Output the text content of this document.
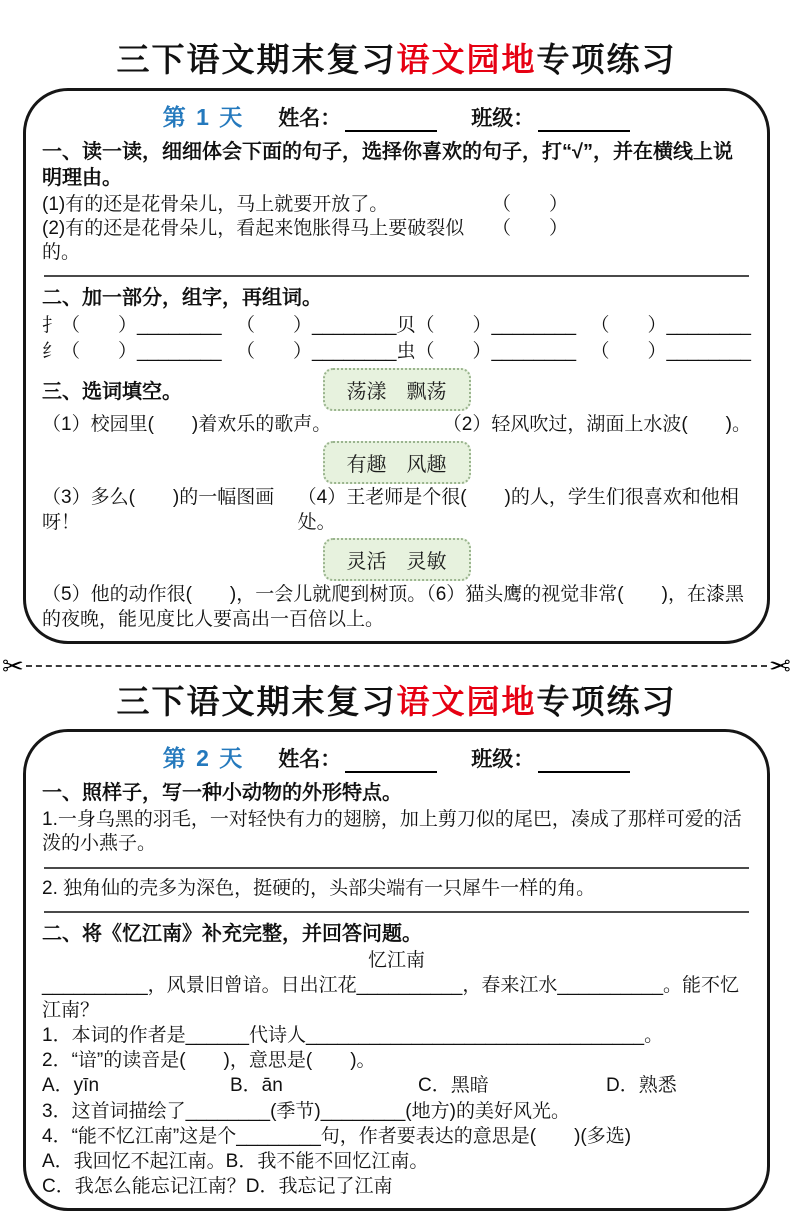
三下语文期末复习语文园地专项练习
第 1 天 姓名：	班级：

一、读一读，细细体会下面的句子，选择你喜欢的句子，打“√”，并在横线上说明理由。

(1)有的还是花骨朵儿，马上就要开放了。	（　　）
(2)有的还是花骨朵儿，看起来饱胀得马上要破裂似的。
（　　）

二、加一部分，组字，再组词。

扌（　　）________ （　　）________贝（　　）________ （　　）________
纟（　　）________ （　　）________虫（　　）________ （　　）________
三、选词填空。	荡漾　飘荡
（1）校园里(　　)着欢乐的歌声。	（2）轻风吹过，湖面上水波(　　)。
有趣　风趣
（3）多么(　　)的一幅图画呀！
（4）王老师是个很(　　)的人，学生们很喜欢和他相处。
灵活　灵敏

（5）他的动作很(　　)，一会儿就爬到树顶。（6）猫头鹰的视觉非常(　　)，在漆黑的夜晚，能见度比人要高出一百倍以上。

✂	✂
三下语文期末复习语文园地专项练习
第 2 天 姓名：	班级：

一、照样子，写一种小动物的外形特点。

1.一身乌黑的羽毛，一对轻快有力的翅膀，加上剪刀似的尾巴，凑成了那样可爱的活泼的小燕子。

2. 独角仙的壳多为深色，挺硬的，头部尖端有一只犀牛一样的角。

二、将《忆江南》补充完整，并回答问题。

忆江南

__________，风景旧曾谙。日出江花__________，春来江水__________。能不忆江南？

1．本词的作者是______代诗人________________________________。

2．“谙”的读音是(　　)，意思是(　　)。

A．yīn	B．ān	C．黑暗	D．熟悉

3．这首词描绘了________(季节)________(地方)的美好风光。

4．“能不忆江南”这是个________句，作者要表达的意思是(　　)(多选)

A．我回忆不起江南。B．我不能不回忆江南。

C．我怎么能忘记江南？D．我忘记了江南
